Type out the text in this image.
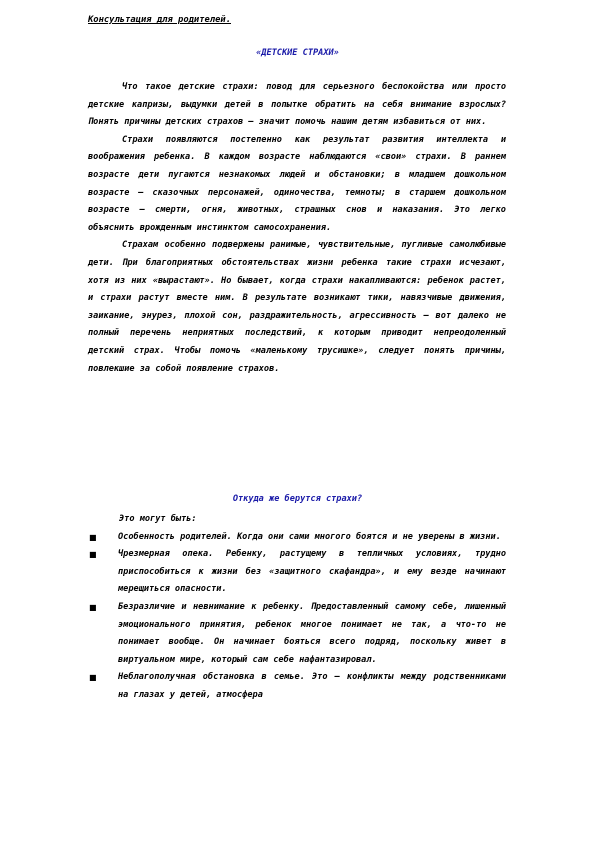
Консультация для родителей.
«ДЕТСКИЕ СТРАХИ»

Что такое детские страхи: повод для серьезного беспокойства или просто детские капризы, выдумки детей в попытке обратить на себя внимание взрослых? Понять причины детских страхов – значит помочь нашим детям избавиться от них.

Страхи появляются постепенно как результат развития интеллекта и воображения ребенка. В каждом возрасте наблюдаются «свои» страхи. В раннем возрасте дети пугаются незнакомых людей и обстановки; в младшем дошкольном возрасте – сказочных персонажей, одиночества, темноты; в старшем дошкольном возрасте – смерти, огня, животных, страшных снов и наказания. Это легко объяснить врожденным инстинктом самосохранения.

Страхам особенно подвержены ранимые, чувствительные, пугливые самолюбивые дети. При благоприятных обстоятельствах жизни ребенка такие страхи исчезают, хотя из них «вырастают». Но бывает, когда страхи накапливаются: ребенок растет, и страхи растут вместе ним. В результате возникают тики, навязчивые движения, заикание, энурез, плохой сон, раздражительность, агрессивность – вот далеко не полный перечень неприятных последствий, к которым приводит непреодоленный детский страх. Чтобы помочь «маленькому трусишке», следует понять причины, повлекшие за собой появление страхов.

Откуда же берутся страхи?

Это могут быть:

■ Особенность родителей. Когда они сами многого боятся и не уверены в жизни.
■ Чрезмерная опека. Ребенку, растущему в тепличных условиях, трудно приспособиться к жизни без «защитного скафандра», и ему везде начинают мерещиться опасности.
■ Безразличие и невнимание к ребенку. Предоставленный самому себе, лишенный эмоционального принятия, ребенок многое понимает не так, а что-то не понимает вообще. Он начинает бояться всего подряд, поскольку живет в виртуальном мире, который сам себе нафантазировал.
■ Неблагополучная обстановка в семье. Это – конфликты между родственниками на глазах у детей, атмосфера
